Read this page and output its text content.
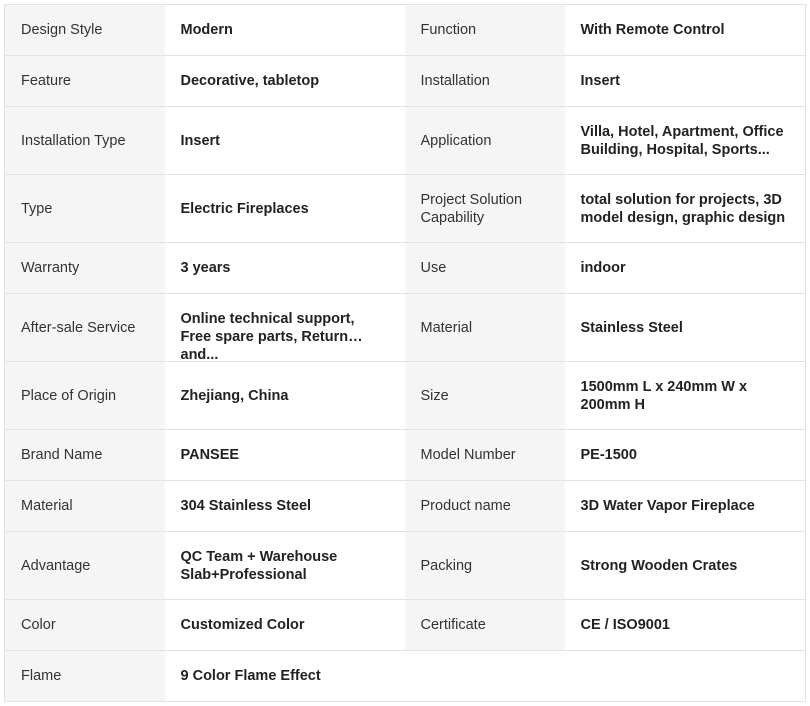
Design Style	Modern	Function	With Remote Control
Feature	Decorative, tabletop	Installation	Insert
Installation Type	Insert	Application	Villa, Hotel, Apartment, Office Building, Hospital, Sports...

Type	Electric Fireplaces	Project Solution Capability	total solution for projects, 3D model design, graphic design

Warranty	3 years	Use	indoor
After-sale Service	Online technical support, Free spare parts, Return and...	Material	Stainless Steel
Place of Origin	Zhejiang, China	Size	1500mm L x 240mm W x 200mm H

Brand Name	PANSEE	Model Number	PE-1500
Material	304 Stainless Steel	Product name	3D Water Vapor Fireplace
Advantage	QC Team + Warehouse Slab+Professional	Packing	Strong Wooden Crates
Color	Customized Color	Certificate	CE / ISO9001
Flame	9 Color Flame Effect		
